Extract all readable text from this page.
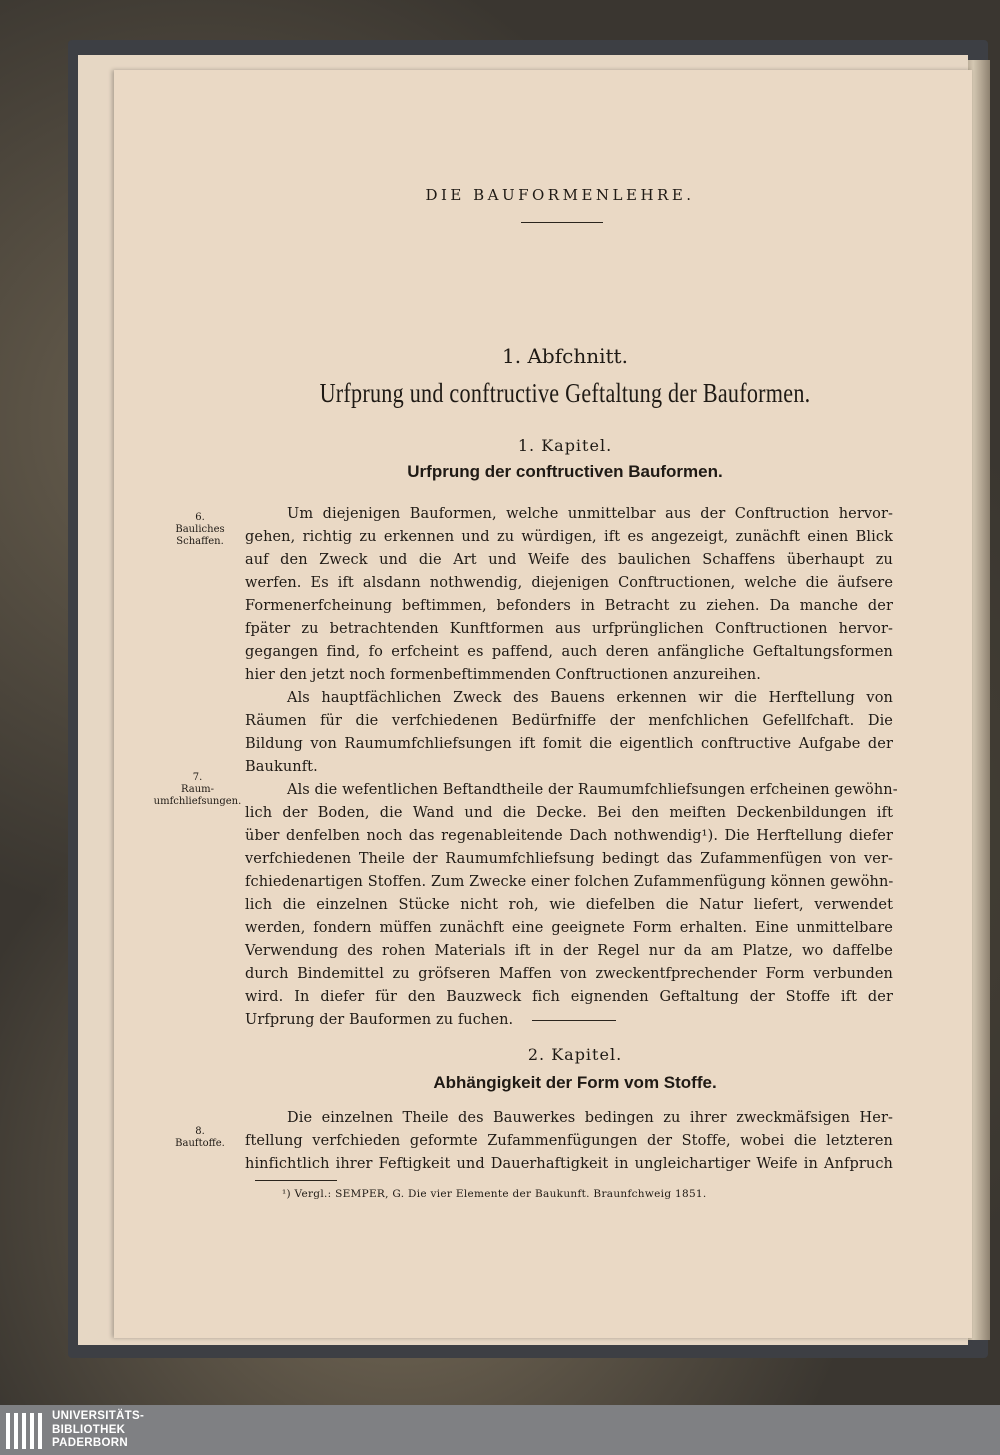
DIE BAUFORMENLEHRE.
1. Abfchnitt.
Urfprung und conftructive Geftaltung der Bauformen.
1. Kapitel.
Urfprung der conftructiven Bauformen.
6.
Bauliches
Schaffen.
7.
Raum-
umfchliefsungen.
8.
Bauftoffe.
Um diejenigen Bauformen, welche unmittelbar aus der Conftruction hervor-
gehen, richtig zu erkennen und zu würdigen, ift es angezeigt, zunächft einen Blick
auf den Zweck und die Art und Weife des baulichen Schaffens überhaupt zu
werfen. Es ift alsdann nothwendig, diejenigen Conftructionen, welche die äufsere
Formenerfcheinung beftimmen, befonders in Betracht zu ziehen. Da manche der
fpäter zu betrachtenden Kunftformen aus urfprünglichen Conftructionen hervor-
gegangen find, fo erfcheint es paffend, auch deren anfängliche Geftaltungsformen
hier den jetzt noch formenbeftimmenden Conftructionen anzureihen.
Als hauptfächlichen Zweck des Bauens erkennen wir die Herftellung von
Räumen für die verfchiedenen Bedürfniffe der menfchlichen Gefellfchaft. Die
Bildung von Raumumfchliefsungen ift fomit die eigentlich conftructive Aufgabe der
Baukunft.
Als die wefentlichen Beftandtheile der Raumumfchliefsungen erfcheinen gewöhn-
lich der Boden, die Wand und die Decke. Bei den meiften Deckenbildungen ift
über denfelben noch das regenableitende Dach nothwendig¹). Die Herftellung diefer
verfchiedenen Theile der Raumumfchliefsung bedingt das Zufammenfügen von ver-
fchiedenartigen Stoffen. Zum Zwecke einer folchen Zufammenfügung können gewöhn-
lich die einzelnen Stücke nicht roh, wie diefelben die Natur liefert, verwendet
werden, fondern müffen zunächft eine geeignete Form erhalten. Eine unmittelbare
Verwendung des rohen Materials ift in der Regel nur da am Platze, wo daffelbe
durch Bindemittel zu gröfseren Maffen von zweckentfprechender Form verbunden
wird. In diefer für den Bauzweck fich eignenden Geftaltung der Stoffe ift der
Urfprung der Bauformen zu fuchen.
2. Kapitel.
Abhängigkeit der Form vom Stoffe.
Die einzelnen Theile des Bauwerkes bedingen zu ihrer zweckmäfsigen Her-
ftellung verfchieden geformte Zufammenfügungen der Stoffe, wobei die letzteren
hinfichtlich ihrer Feftigkeit und Dauerhaftigkeit in ungleichartiger Weife in Anfpruch
¹) Vergl.: SEMPER, G. Die vier Elemente der Baukunft. Braunfchweig 1851.
UNIVERSITÄTS-
BIBLIOTHEK
PADERBORN
